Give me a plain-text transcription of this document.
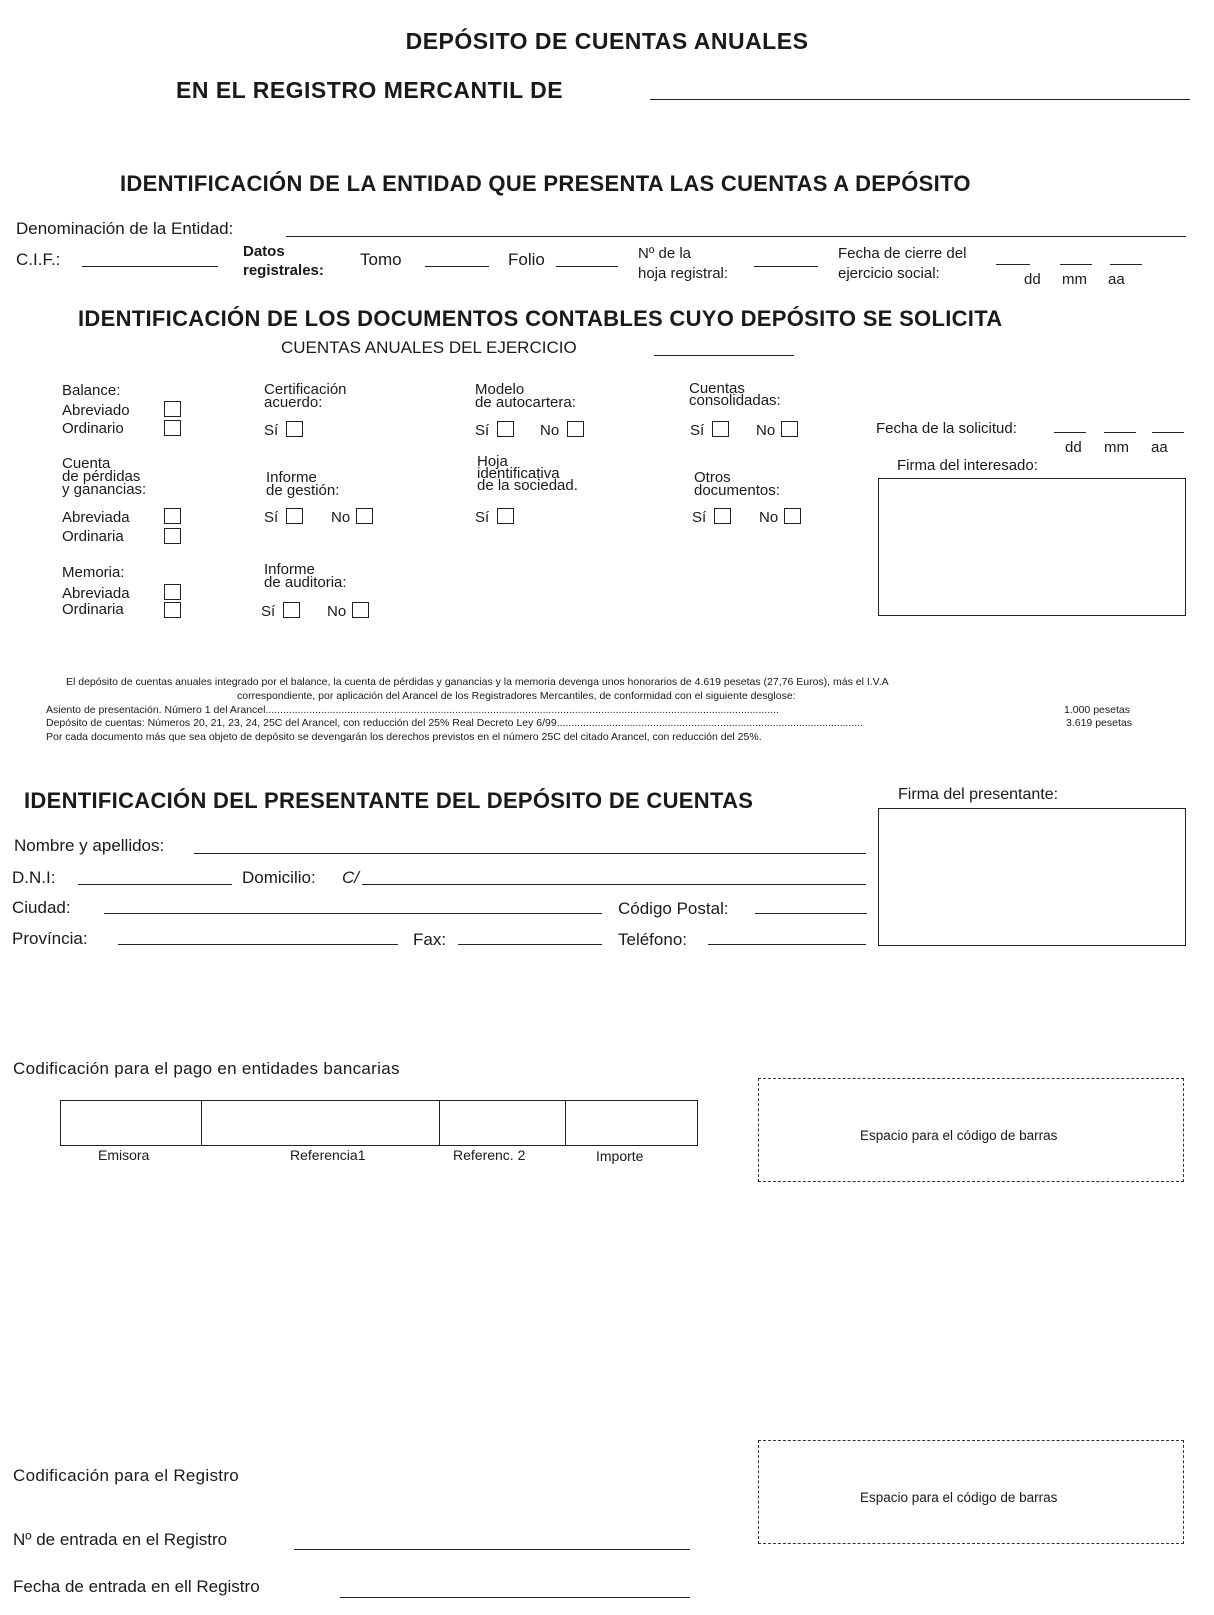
DEPÓSITO DE CUENTAS ANUALES
EN EL REGISTRO MERCANTIL DE
IDENTIFICACIÓN DE LA ENTIDAD QUE PRESENTA LAS CUENTAS A DEPÓSITO
Denominación de la Entidad:
C.I.F.:	Datos
registrales:
Tomo	Folio	Nº de la
hoja registral:
Fecha de cierre del
ejercicio social:	dd mm aa
IDENTIFICACIÓN DE LOS DOCUMENTOS CONTABLES CUYO DEPÓSITO SE SOLICITA
CUENTAS ANUALES DEL EJERCICIO
Balance:
Abreviado
Ordinario
Cuenta
de pérdidas
y ganancias:
Abreviada
Ordinaria
Memoria:
Abreviada
Ordinaria
Certificación
acuerdo:
Sí
Informe
de gestión:
Sí	No
Informe
de auditoria:
Sí	No
Modelo
de autocartera:
Sí	No
Hoja
identificativa
de la sociedad.
Sí
Cuentas
consolidadas:
Sí	No
Otros
documentos:
Sí	No
Fecha de la solicitud:
dd mm aa
Firma del interesado:
El depósito de cuentas anuales integrado por el balance, la cuenta de pérdidas y ganancias y la memoria devenga unos honorarios de 4.619 pesetas (27,76 Euros), más el I.V.A
correspondiente, por aplicación del Arancel de los Registradores Mercantiles, de conformidad con el siguiente desglose:
Asiento de presentación. Número 1 del Arancel................................................................................................................................................................................	1.000 pesetas
Depósito de cuentas: Números 20, 21, 23, 24, 25C del Arancel, con reducción del 25% Real Decreto Ley 6/99.........................................................................................................	3.619 pesetas
Por cada documento más que sea objeto de depósito se devengarán los derechos previstos en el número 25C del citado Arancel, con reducción del 25%.
IDENTIFICACIÓN DEL PRESENTANTE DEL DEPÓSITO DE CUENTAS	Firma del presentante:
Nombre y apellidos:
D.N.I:	Domicilio: C/
Ciudad:	Código Postal:
Província:	Fax:	Teléfono:
Codificación para el pago en entidades bancarias
Emisora	Referencia1	Referenc. 2	Importe
Espacio para el código de barras
Espacio para el código de barras
Codificación para el Registro
Nº de entrada en el Registro
Fecha de entrada en ell Registro
